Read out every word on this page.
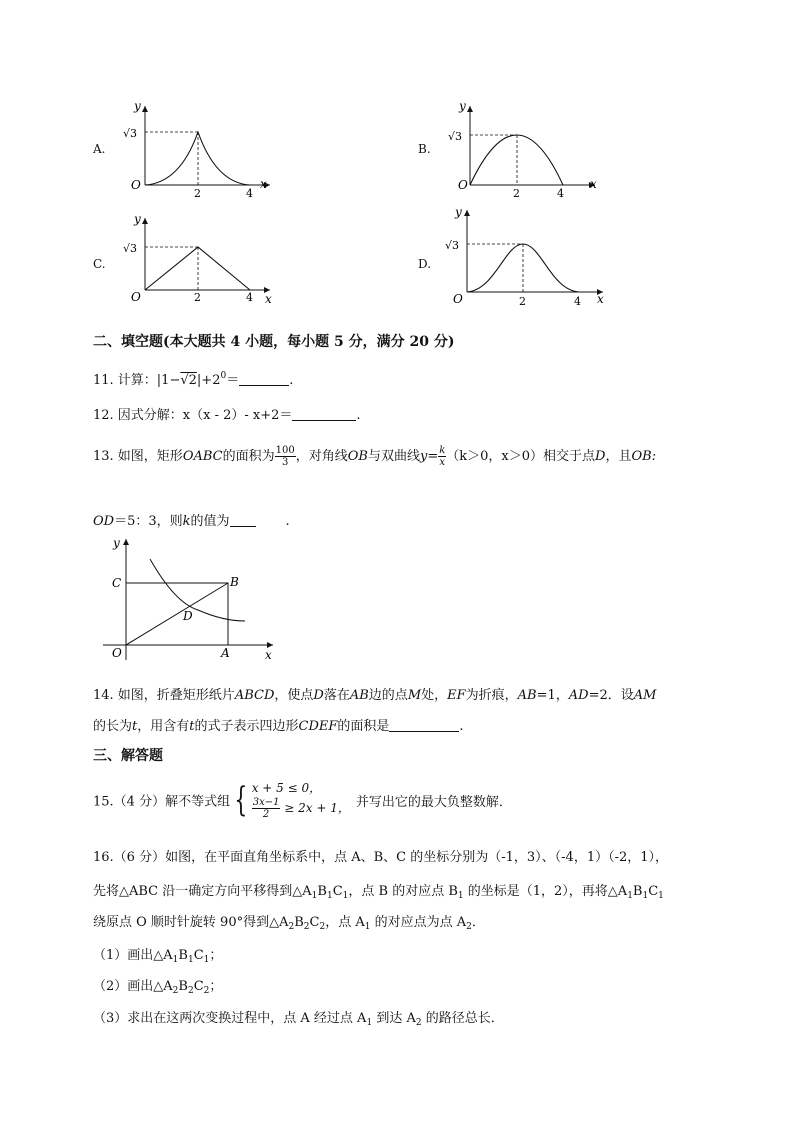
A.
y
x
O
√3
2	4
B.
y
x
O
√3
2	4
C.
y
x
O
√3
2	4
D.
y
x
O
√3
2	4
二、填空题(本大题共 4 小题，每小题 5 分，满分 20 分)
11. 计算：$|1-√2|+2^0=$	.
12. 因式分解：x（x - 2）- x+2＝	.
13. 如图，矩形OABC的面积为 $\frac{100}{3}$ ，对角线OB与双曲线$y= \frac{k}{x} (k>0$，x＞0）相交于点D，且OB:
OD＝5：3，则k的值为	.
y
x
O	A
B
C
D
14. 如图，折叠矩形纸片ABCD，使点D落在AB边的点M处，EF为折痕，AB=1，AD=2．设AM
的长为t，用含有t的式子表示四边形CDEF的面积是	.
三、解答题
15.（4 分）解不等式组 { x + 5 ≤ 0，
$\frac{3x-1}{2} \ge 2x + 1$， 并写出它的最大负整数解．
16.（6 分）如图，在平面直角坐标系中，点 A、B、C 的坐标分别为（-1，3）、（-4，1）（-2，1），
先将△ABC 沿一确定方向平移得到$\triangle A_1B_1C_1$，点 B 的对应点 $B_1$ 的坐标是（1，2），再将$\triangle A_1B_1C_1$
绕原点 O 顺时针旋转 90°得到$\triangle A_2B_2C_2$，点 $A_1$ 的对应点为点 $A_2$．
（1）画出$\triangle A_1B_1C_1$；
（2）画出$\triangle A_2B_2C_2$；
（3）求出在这两次变换过程中，点 A 经过点 $A_1$ 到达 $A_2$ 的路径总长．
